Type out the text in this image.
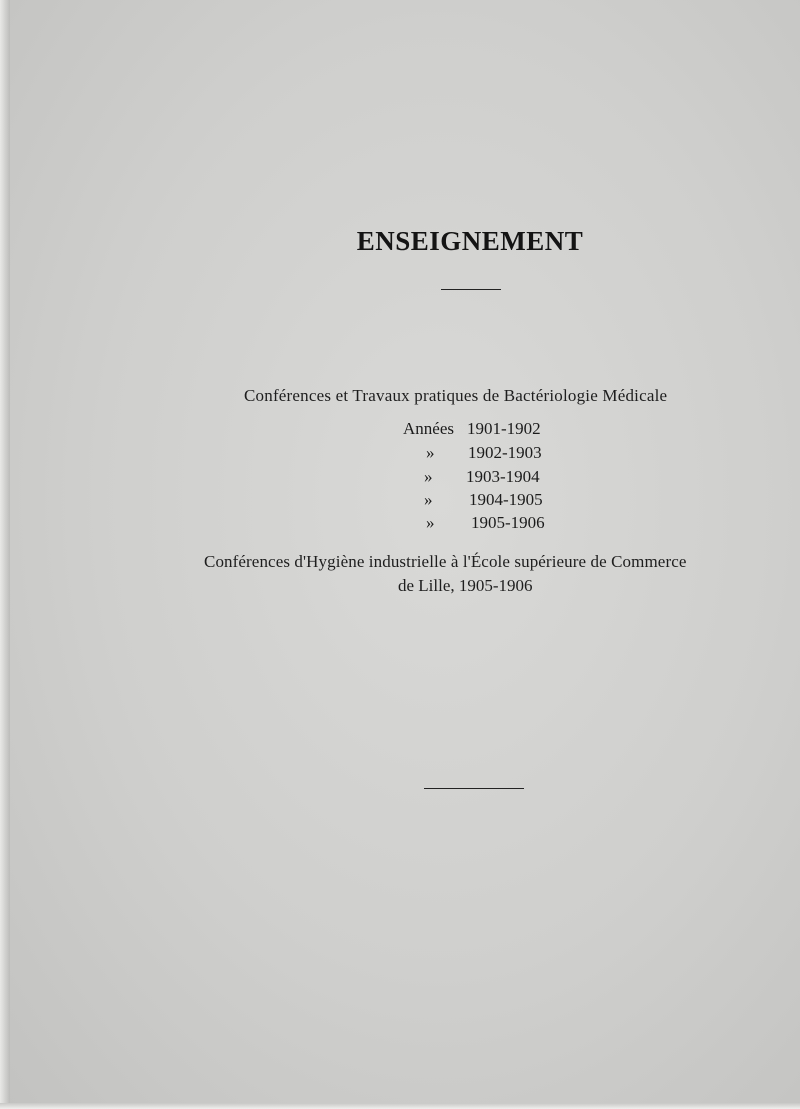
ENSEIGNEMENT
Conférences et Travaux pratiques de Bactériologie Médicale
Années 1901-1902
» 1902-1903
» 1903-1904
» 1904-1905
» 1905-1906
Conférences d'Hygiène industrielle à l'École supérieure de Commerce
de Lille, 1905-1906
